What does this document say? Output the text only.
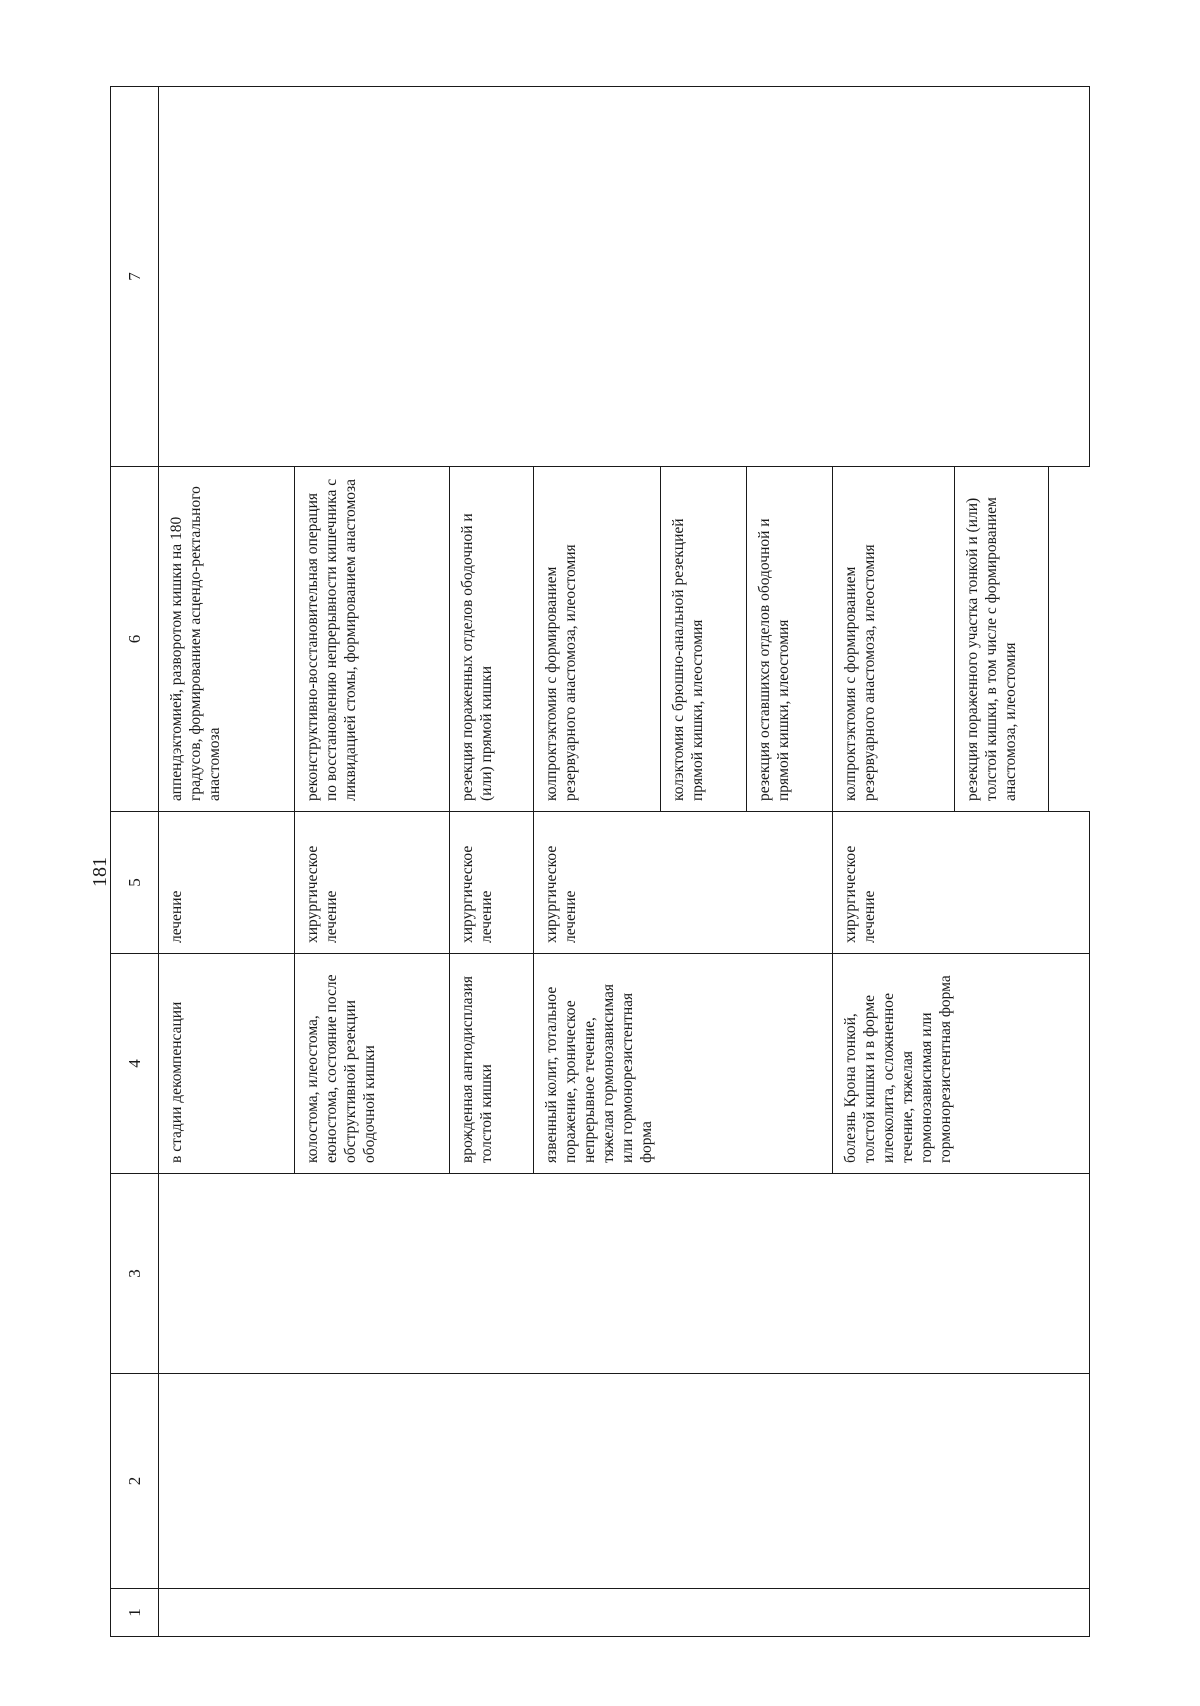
181
1	2	3	4	5	6	7
			в стадии декомпенсации	лечение	аппендэктомией, разворотом кишки на 180 градусов, формированием асцендо-ректального анастомоза	
			колостома, илеостома, еюностома, состояние после обструктивной резекции ободочной кишки	хирургическое лечение	реконструктивно-восстановительная операция по восстановлению непрерывности кишечника с ликвидацией стомы, формированием анастомоза	
			врожденная ангиодисплазия толстой кишки	хирургическое лечение	резекция пораженных отделов ободочной и (или) прямой кишки	
			язвенный колит, тотальное поражение, хроническое непрерывное течение, тяжелая гормонозависимая или гормонорезистентная форма	хирургическое лечение	колпроктэктомия с формированием резервуарного анастомоза, илеостомия	
					колэктомия с брюшно-анальной резекцией прямой кишки, илеостомия	
					резекция оставшихся отделов ободочной и прямой кишки, илеостомия	
			болезнь Крона тонкой, толстой кишки и в форме илеоколита, осложненное течение, тяжелая гормонозависимая или гормонорезистентная форма	хирургическое лечение	колпроктэктомия с формированием резервуарного анастомоза, илеостомия	
					резекция пораженного участка тонкой и (или) толстой кишки, в том числе с формированием анастомоза, илеостомия	
